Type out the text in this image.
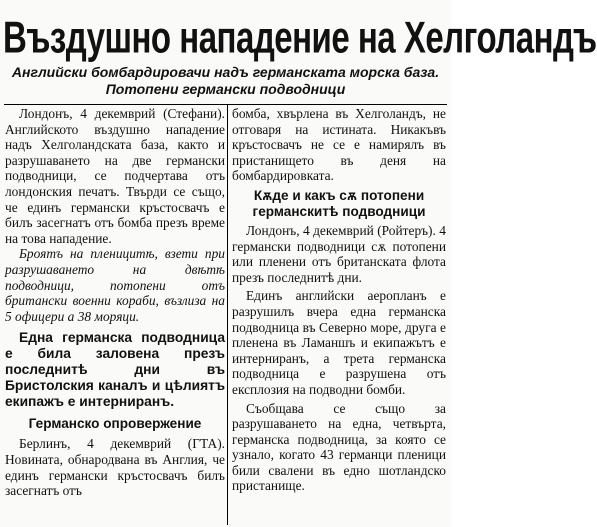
Въздушно нападение на Хелголандъ
Английски бомбардировачи надъ германската морска база.
Потопени германски подводници

Лондонъ, 4 декемврий (Стефани). Английското въздушно нападение надъ Хелголандската база, както и разрушаването на две германски подводници, се подчертава отъ лондонския печатъ. Твърди се също, че единъ германски кръстосвачъ е билъ засегнатъ отъ бомба презъ време на това нападение.

Броятъ на пленицитѣ, взети при разрушаването на двѣтѣ подводници, потопени отъ британски военни кораби, възлиза на 5 офицери а 38 моряци.

Една германска подводница е била заловена презъ последнитѣ дни въ Бристолския каналъ и цѣлиятъ екипажъ е интерниранъ.

Германско опровержение

Берлинъ, 4 декемврий (ГТА). Новината, обнародвана въ Англия, че единъ германски кръстосвачъ билъ засегнатъ отъ

бомба, хвърлена въ Хелголандъ, не отговаря на истината. Никакъвъ кръстосвачъ не се е намирялъ въ пристанището въ деня на бомбардировката.

Кѫде и какъ сѫ потопени германскитѣ подводници

Лондонъ, 4 декемврий (Ройтеръ). 4 германски подводници сѫ потопени или пленени отъ британската флота презъ последнитѣ дни.

Единъ английски аеропланъ е разрушилъ вчера една германска подводница въ Северно море, друга е пленена въ Ламаншъ и екипажътъ е интерниранъ, а трета германска подводница е разрушена отъ експлозия на подводни бомби.

Съобщава се също за разрушаването на една, четвърта, германска подводница, за която се узнало, когато 43 германци пленици били свалени въ едно шотландско пристанище.
